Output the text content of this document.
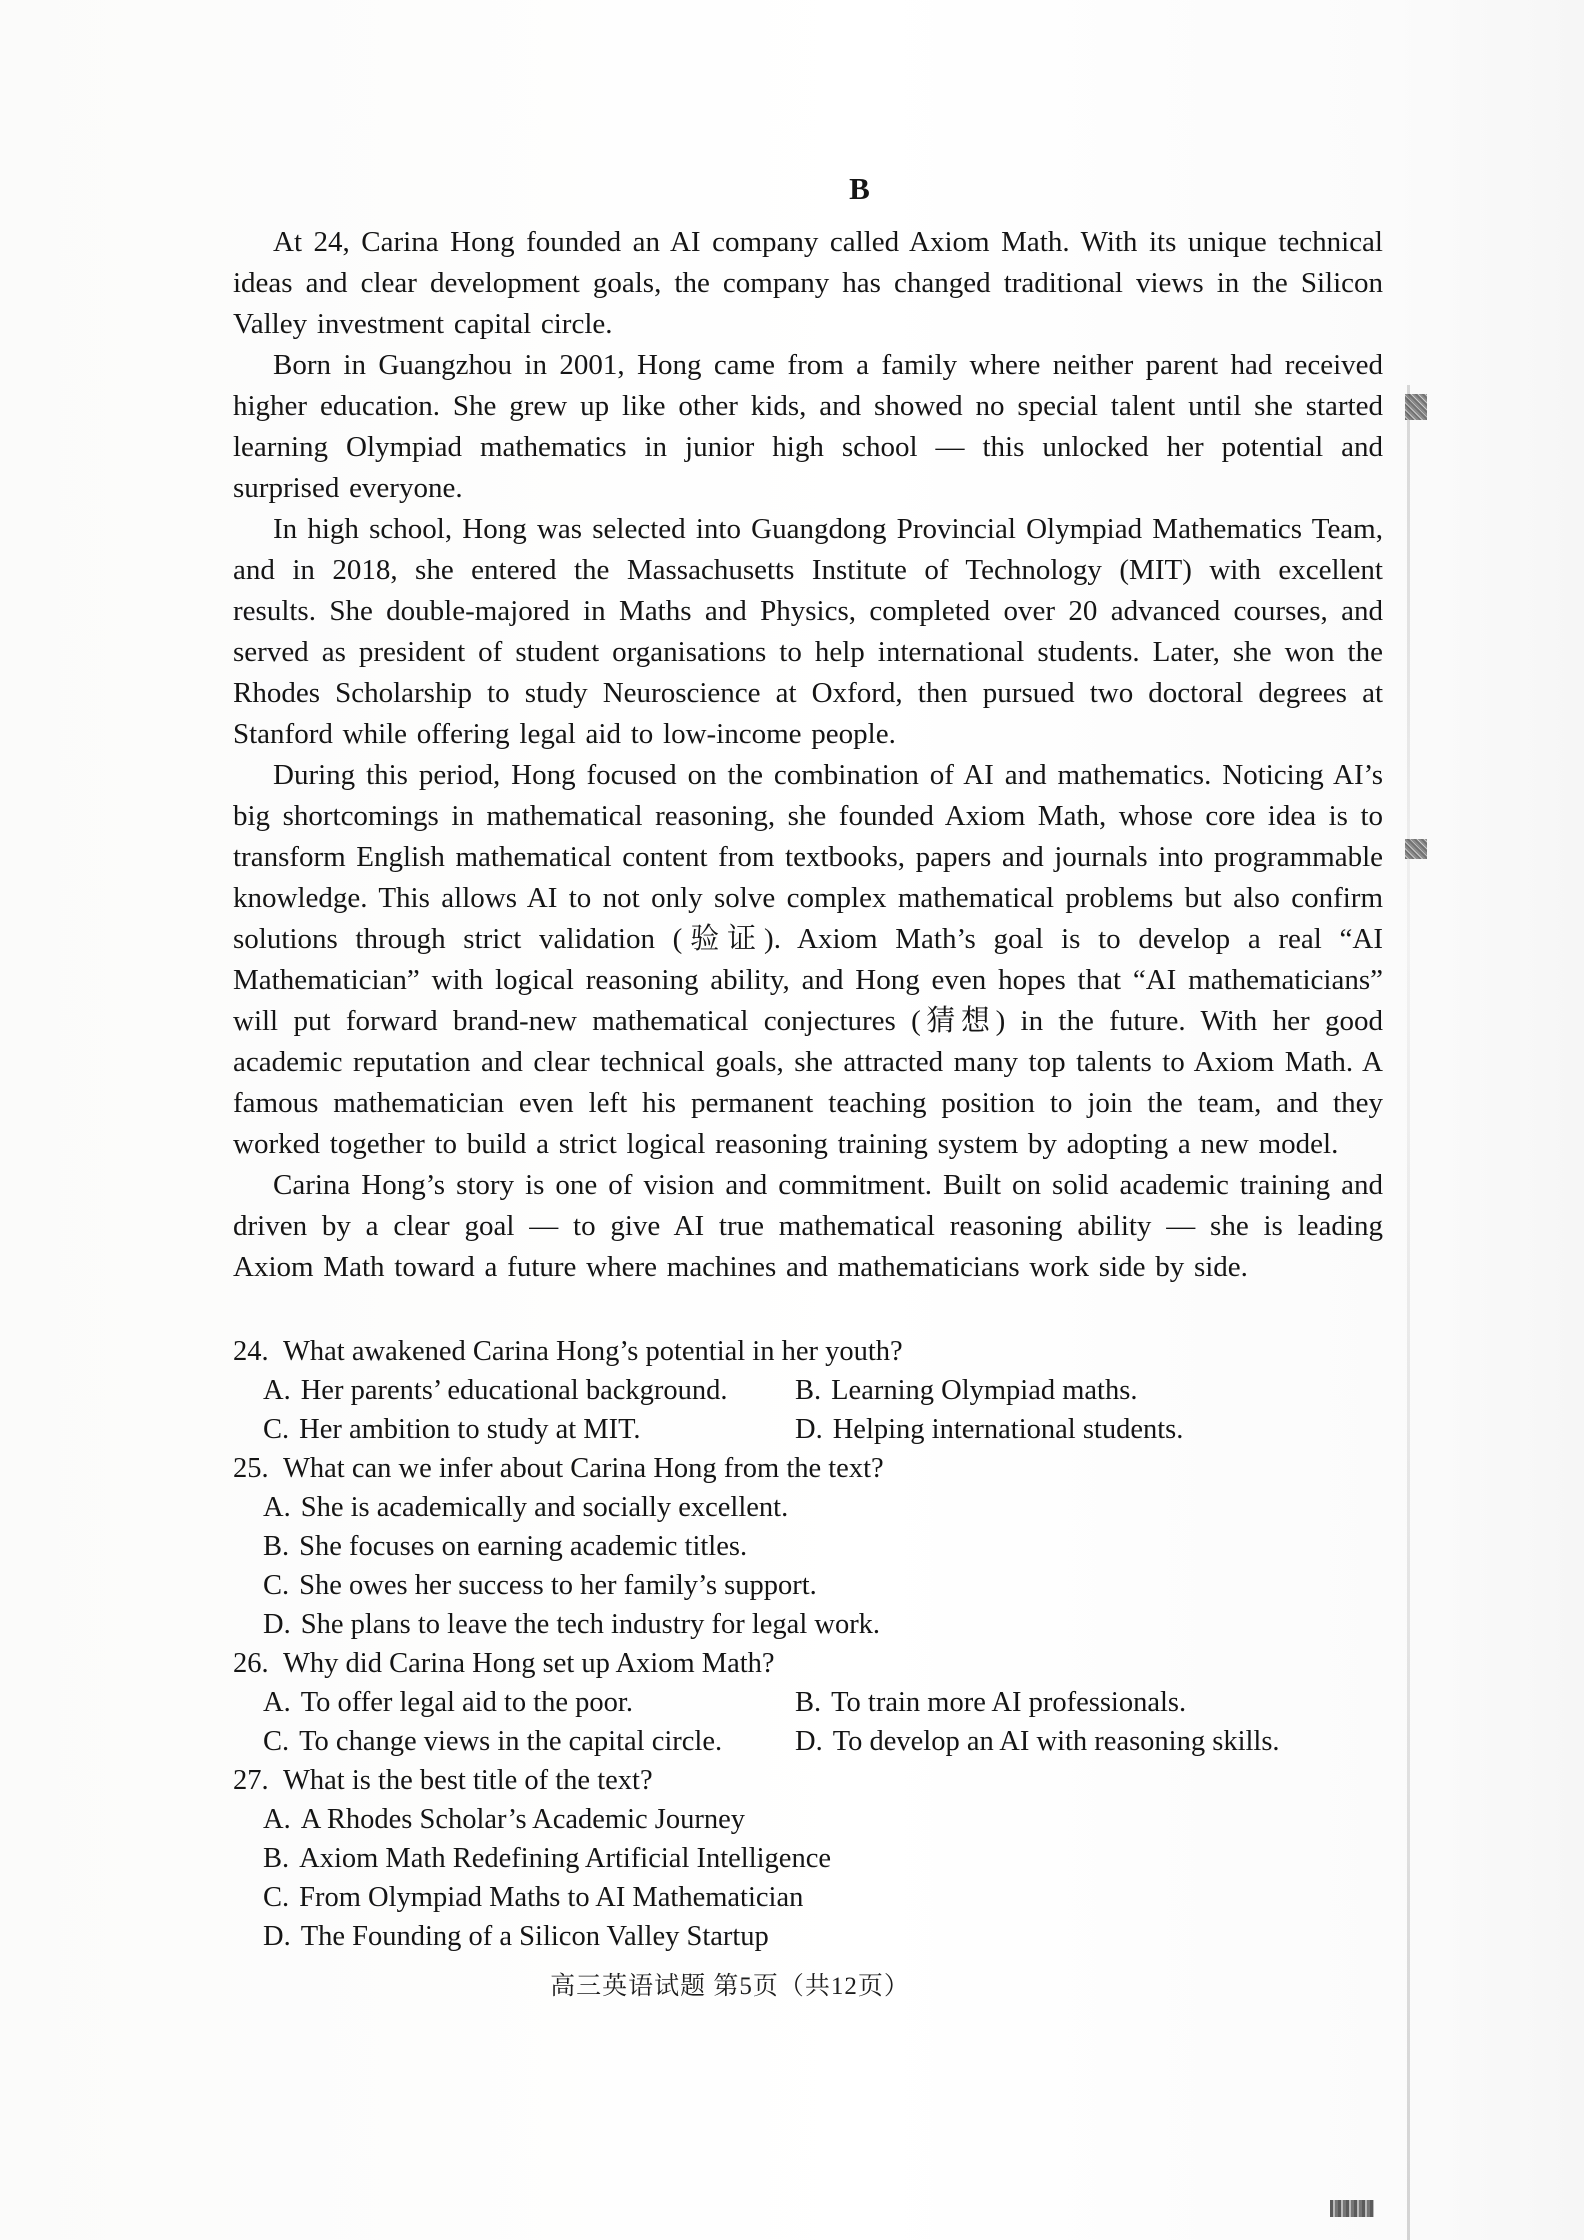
B

At 24, Carina Hong founded an AI company called Axiom Math. With its unique technical ideas and clear development goals, the company has changed traditional views in the Silicon Valley investment capital circle.

Born in Guangzhou in 2001, Hong came from a family where neither parent had received higher education. She grew up like other kids, and showed no special talent until she started learning Olympiad mathematics in junior high school — this unlocked her potential and surprised everyone.

In high school, Hong was selected into Guangdong Provincial Olympiad Mathematics Team, and in 2018, she entered the Massachusetts Institute of Technology (MIT) with excellent results. She double-majored in Maths and Physics, completed over 20 advanced courses, and served as president of student organisations to help international students. Later, she won the Rhodes Scholarship to study Neuroscience at Oxford, then pursued two doctoral degrees at Stanford while offering legal aid to low-income people.

During this period, Hong focused on the combination of AI and mathematics. Noticing AI’s big shortcomings in mathematical reasoning, she founded Axiom Math, whose core idea is to transform English mathematical content from textbooks, papers and journals into programmable knowledge. This allows AI to not only solve complex mathematical problems but also confirm solutions through strict validation (验证). Axiom Math’s goal is to develop a real “AI Mathematician” with logical reasoning ability, and Hong even hopes that “AI mathematicians” will put forward brand-new mathematical conjectures (猜想) in the future. With her good academic reputation and clear technical goals, she attracted many top talents to Axiom Math. A famous mathematician even left his permanent teaching position to join the team, and they worked together to build a strict logical reasoning training system by adopting a new model.

Carina Hong’s story is one of vision and commitment. Built on solid academic training and driven by a clear goal — to give AI true mathematical reasoning ability — she is leading Axiom Math toward a future where machines and mathematicians work side by side.

24. What awakened Carina Hong’s potential in her youth?
A. Her parents’ educational background.	B. Learning Olympiad maths.
C. Her ambition to study at MIT.	D. Helping international students.
25. What can we infer about Carina Hong from the text?
A. She is academically and socially excellent.
B. She focuses on earning academic titles.
C. She owes her success to her family’s support.
D. She plans to leave the tech industry for legal work.
26. Why did Carina Hong set up Axiom Math?
A. To offer legal aid to the poor.	B. To train more AI professionals.
C. To change views in the capital circle.	D. To develop an AI with reasoning skills.
27. What is the best title of the text?
A. A Rhodes Scholar’s Academic Journey
B. Axiom Math Redefining Artificial Intelligence
C. From Olympiad Maths to AI Mathematician
D. The Founding of a Silicon Valley Startup
高三英语试题 第5页（共12页）
